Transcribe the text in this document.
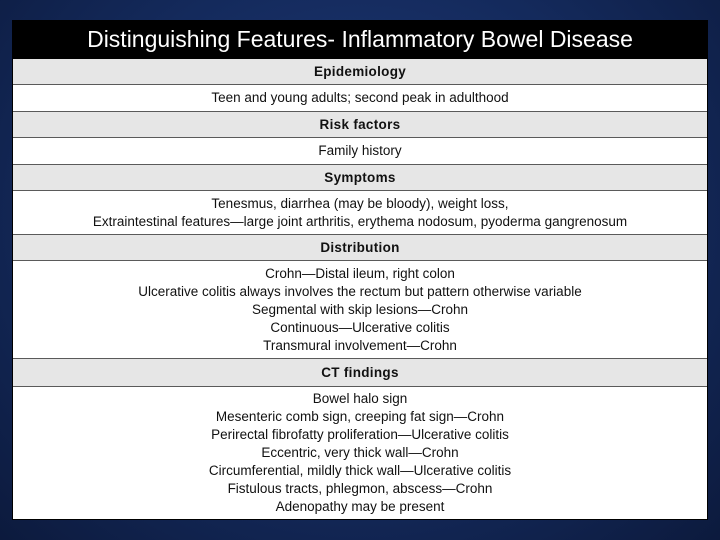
Distinguishing Features- Inflammatory Bowel Disease
Epidemiology
Teen and young adults; second peak in adulthood
Risk factors
Family history
Symptoms
Tenesmus, diarrhea (may be bloody), weight loss,
Extraintestinal features—large joint arthritis, erythema nodosum, pyoderma gangrenosum
Distribution
Crohn—Distal ileum, right colon
Ulcerative colitis always involves the rectum but pattern otherwise variable
Segmental with skip lesions—Crohn
Continuous—Ulcerative colitis
Transmural involvement—Crohn
CT findings
Bowel halo sign
Mesenteric comb sign, creeping fat sign—Crohn
Perirectal fibrofatty proliferation—Ulcerative colitis
Eccentric, very thick wall—Crohn
Circumferential, mildly thick wall—Ulcerative colitis
Fistulous tracts, phlegmon, abscess—Crohn
Adenopathy may be present
